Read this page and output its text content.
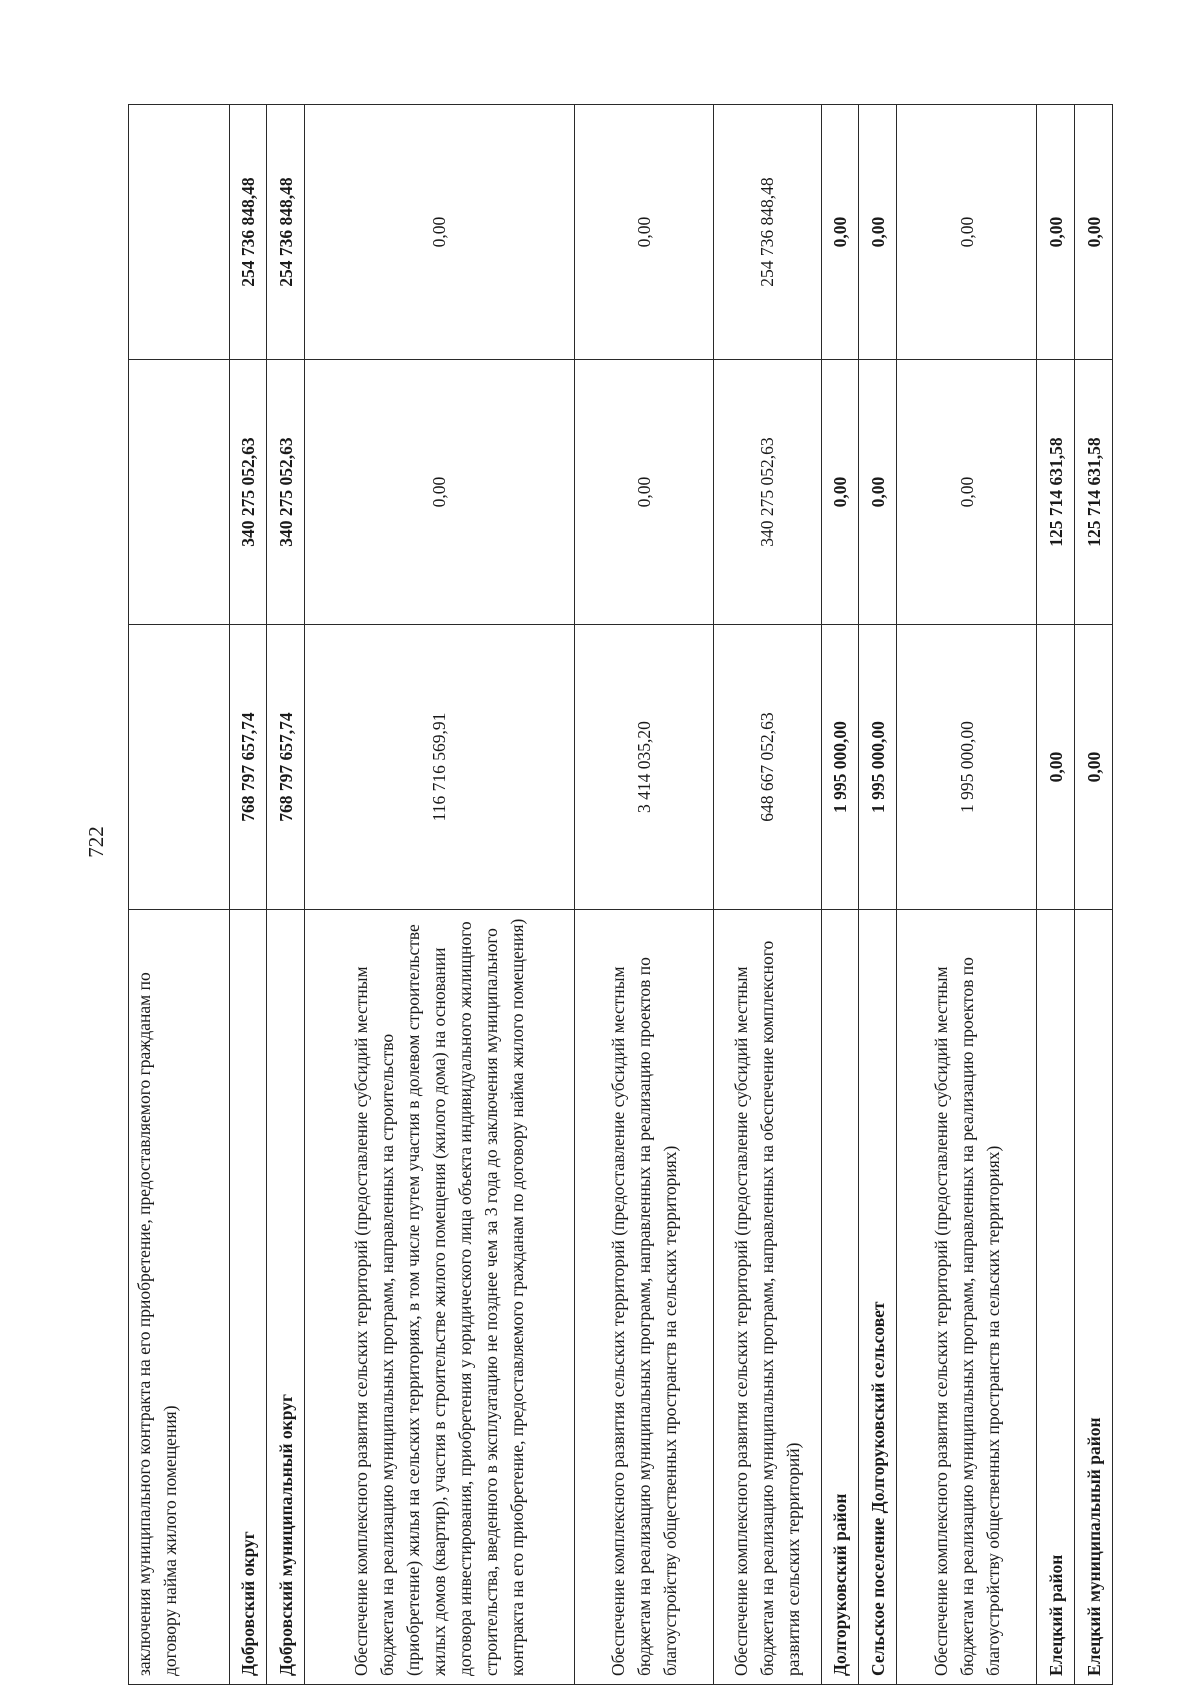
722
заключения муниципального контракта на его приобретение, предоставляемого гражданам по договору найма жилого помещения)			
Добровский округ	768 797 657,74	340 275 052,63	254 736 848,48
Добровский муниципальный округ	768 797 657,74	340 275 052,63	254 736 848,48
Обеспечение комплексного развития сельских территорий (предоставление субсидий местным бюджетам на реализацию муниципальных программ, направленных на строительство (приобретение) жилья на сельских территориях, в том числе путем участия в долевом строительстве жилых домов (квартир), участия в строительстве жилого помещения (жилого дома) на основании договора инвестирования, приобретения у юридического лица объекта индивидуального жилищного строительства, введенного в эксплуатацию не позднее чем за 3 года до заключения муниципального контракта на его приобретение, предоставляемого гражданам по договору найма жилого помещения)	116 716 569,91	0,00	0,00
Обеспечение комплексного развития сельских территорий (предоставление субсидий местным бюджетам на реализацию муниципальных программ, направленных на реализацию проектов по благоустройству общественных пространств на сельских территориях)	3 414 035,20	0,00	0,00
Обеспечение комплексного развития сельских территорий (предоставление субсидий местным бюджетам на реализацию муниципальных программ, направленных на обеспечение комплексного развития сельских территорий)	648 667 052,63	340 275 052,63	254 736 848,48
Долгоруковский район	1 995 000,00	0,00	0,00
Сельское поселение Долгоруковский сельсовет	1 995 000,00	0,00	0,00
Обеспечение комплексного развития сельских территорий (предоставление субсидий местным бюджетам на реализацию муниципальных программ, направленных на реализацию проектов по благоустройству общественных пространств на сельских территориях)	1 995 000,00	0,00	0,00
Елецкий район	0,00	125 714 631,58	0,00
Елецкий муниципальный район	0,00	125 714 631,58	0,00
